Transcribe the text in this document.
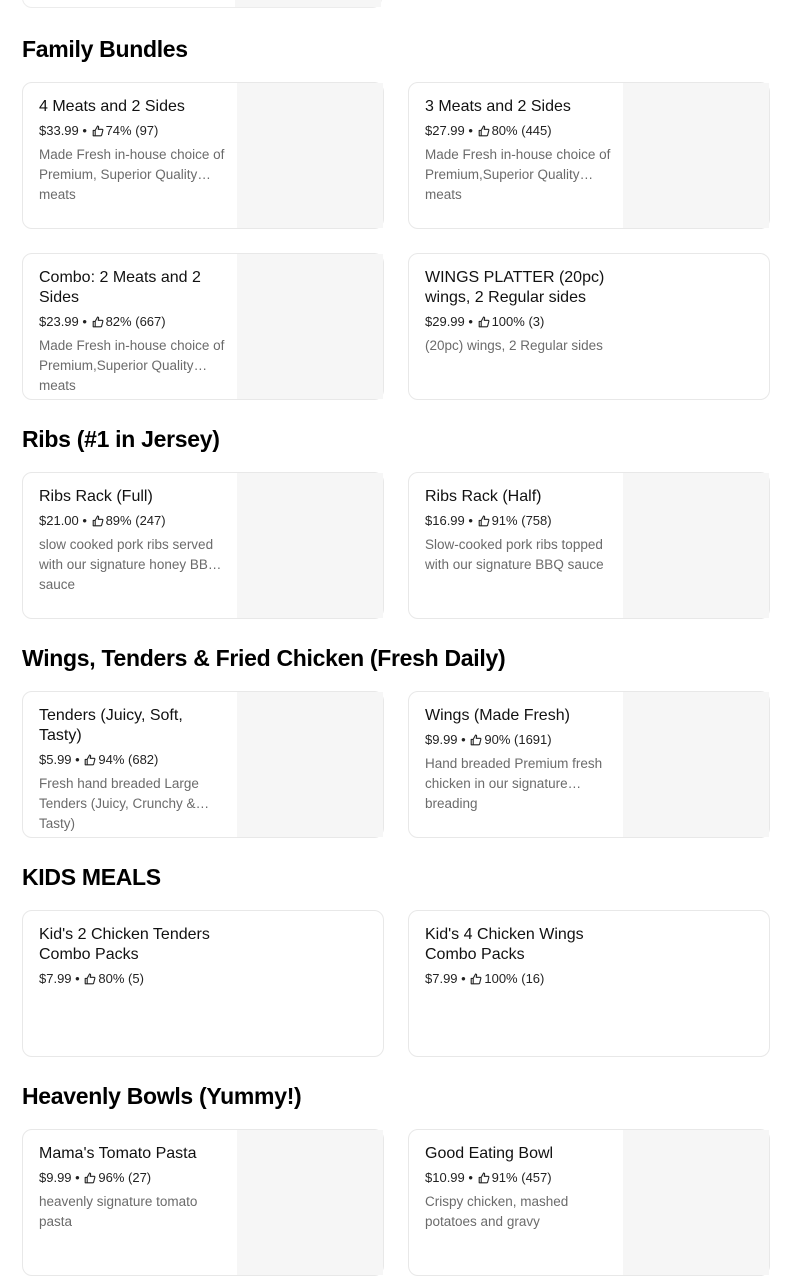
Family Bundles
4 Meats and 2 Sides
$33.99
•
74%
(97)
Made Fresh in-house choice of Premium, Superior Quality meats
3 Meats and 2 Sides
$27.99
•
80%
(445)
Made Fresh in-house choice of Premium,Superior Quality meats
Combo: 2 Meats and 2 Sides
$23.99
•
82%
(667)
Made Fresh in-house choice of Premium,Superior Quality meats
WINGS PLATTER (20pc) wings, 2 Regular sides
$29.99
•
100%
(3)
(20pc) wings, 2 Regular sides
Ribs (#1 in Jersey)
Ribs Rack (Full)
$21.00
•
89%
(247)
slow cooked pork ribs served with our signature honey BBQ sauce
Ribs Rack (Half)
$16.99
•
91%
(758)
Slow-cooked pork ribs topped with our signature BBQ sauce
Wings, Tenders & Fried Chicken (Fresh Daily)
Tenders (Juicy, Soft, Tasty)
$5.99
•
94%
(682)
Fresh hand breaded Large Tenders (Juicy, Crunchy & Tasty)
Wings (Made Fresh)
$9.99
•
90%
(1691)
Hand breaded Premium fresh chicken in our signature breading
KIDS MEALS
Kid's 2 Chicken Tenders Combo Packs
$7.99
•
80%
(5)
Kid's 4 Chicken Wings Combo Packs
$7.99
•
100%
(16)
Heavenly Bowls (Yummy!)
Mama's Tomato Pasta
$9.99
•
96%
(27)
heavenly signature tomato pasta
Good Eating Bowl
$10.99
•
91%
(457)
Crispy chicken, mashed potatoes and gravy
